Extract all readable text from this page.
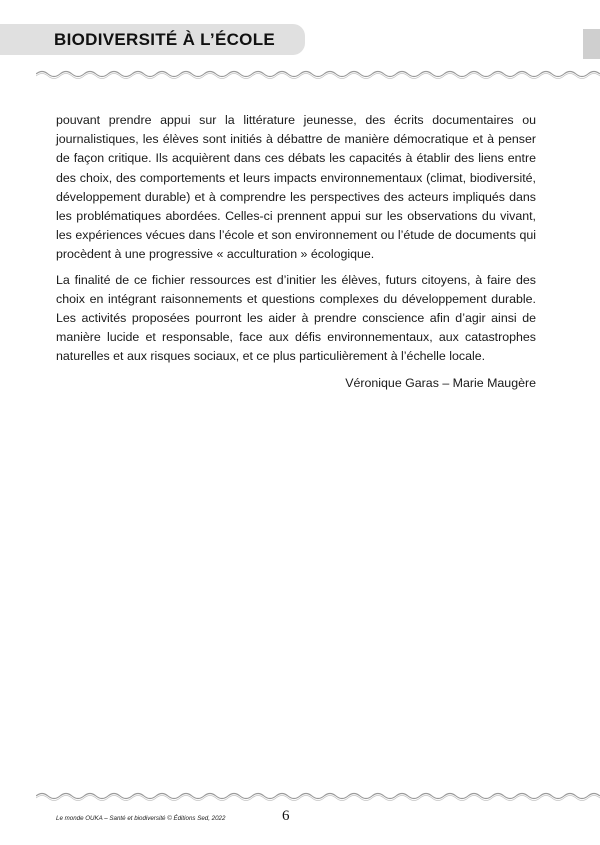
BIODIVERSITÉ À L’ÉCOLE

pouvant prendre appui sur la littérature jeunesse, des écrits documentaires ou journalistiques, les élèves sont initiés à débattre de manière démocratique et à penser de façon critique. Ils acquièrent dans ces débats les capacités à établir des liens entre des choix, des comportements et leurs impacts environnementaux (climat, biodiversité, développement durable) et à comprendre les perspectives des acteurs impliqués dans les problématiques abordées. Celles-ci prennent appui sur les observations du vivant, les expériences vécues dans l’école et son environnement ou l’étude de documents qui procèdent à une progressive « acculturation » écologique.

La finalité de ce fichier ressources est d’initier les élèves, futurs citoyens, à faire des choix en intégrant raisonnements et questions complexes du développement durable. Les activités proposées pourront les aider à prendre conscience afin d’agir ainsi de manière lucide et responsable, face aux défis environnementaux, aux catastrophes naturelles et aux risques sociaux, et ce plus particulièrement à l’échelle locale.

Véronique Garas – Marie Maugère
Le monde OUKA – Santé et biodiversité © Éditions Sed, 2022	6
